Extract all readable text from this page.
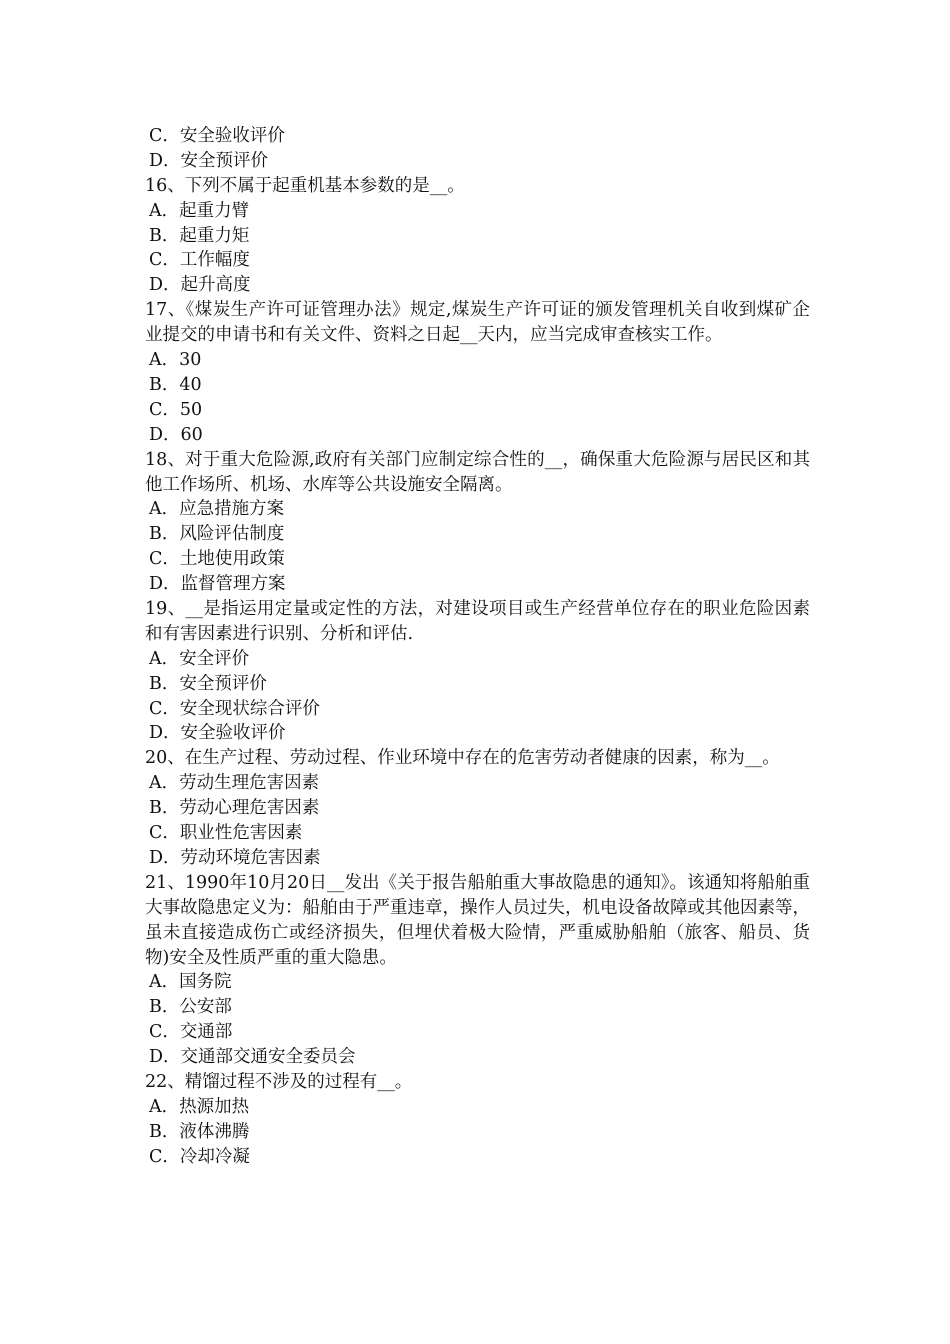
C．安全验收评价
D．安全预评价
16、下列不属于起重机基本参数的是__。
A．起重力臂
B．起重力矩
C．工作幅度
D．起升高度
17、《煤炭生产许可证管理办法》规定,煤炭生产许可证的颁发管理机关自收到煤矿企业提交的申请书和有关文件、资料之日起__天内，应当完成审查核实工作。
A．30
B．40
C．50
D．60
18、对于重大危险源,政府有关部门应制定综合性的__，确保重大危险源与居民区和其他工作场所、机场、水库等公共设施安全隔离。
A．应急措施方案
B．风险评估制度
C．土地使用政策
D．监督管理方案
19、__是指运用定量或定性的方法，对建设项目或生产经营单位存在的职业危险因素和有害因素进行识别、分析和评估.
A．安全评价
B．安全预评价
C．安全现状综合评价
D．安全验收评价
20、在生产过程、劳动过程、作业环境中存在的危害劳动者健康的因素，称为__。
A．劳动生理危害因素
B．劳动心理危害因素
C．职业性危害因素
D．劳动环境危害因素
21、1990年10月20日__发出《关于报告船舶重大事故隐患的通知》。该通知将船舶重大事故隐患定义为：船舶由于严重违章，操作人员过失，机电设备故障或其他因素等，虽未直接造成伤亡或经济损失，但埋伏着极大险情，严重威胁船舶（旅客、船员、货物)安全及性质严重的重大隐患。
A．国务院
B．公安部
C．交通部
D．交通部交通安全委员会
22、精馏过程不涉及的过程有__。
A．热源加热
B．液体沸腾
C．冷却冷凝
